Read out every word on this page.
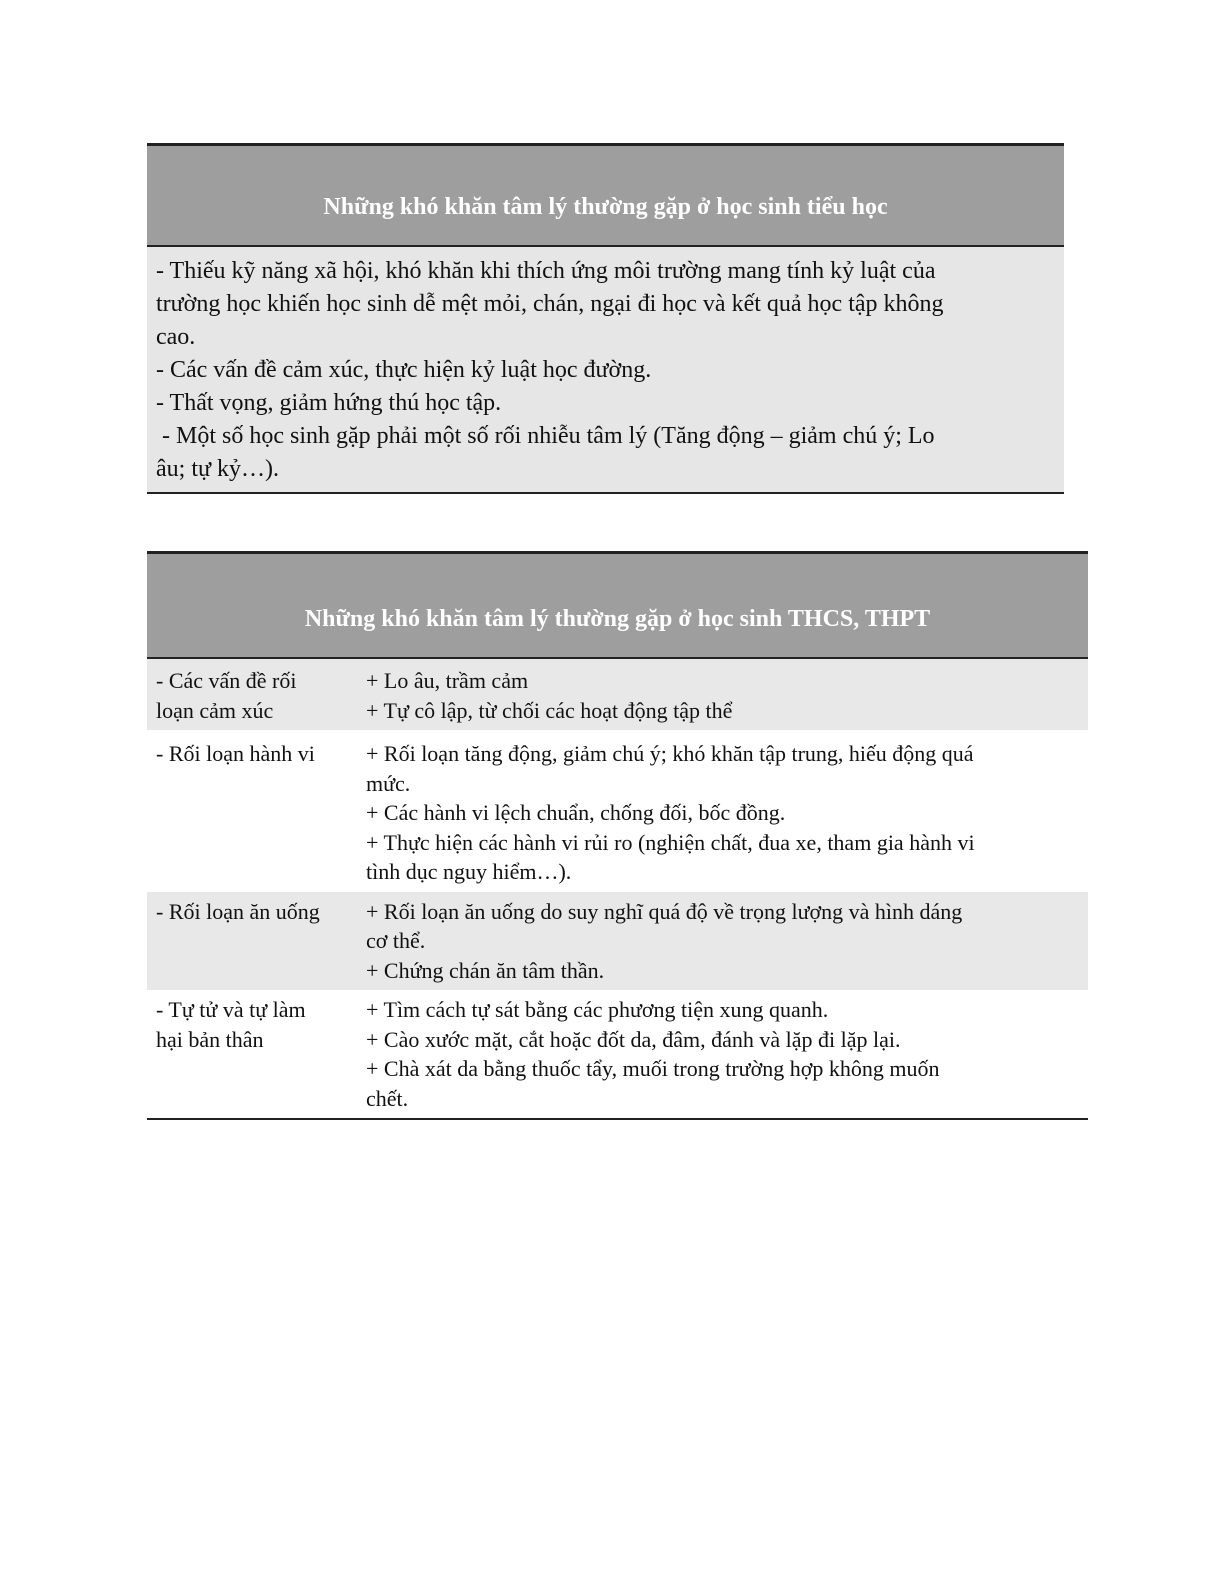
Những khó khăn tâm lý thường gặp ở học sinh tiểu học
- Thiếu kỹ năng xã hội, khó khăn khi thích ứng môi trường mang tính kỷ luật của
trường học khiến học sinh dễ mệt mỏi, chán, ngại đi học và kết quả học tập không
cao.
- Các vấn đề cảm xúc, thực hiện kỷ luật học đường.
- Thất vọng, giảm hứng thú học tập.
- Một số học sinh gặp phải một số rối nhiễu tâm lý (Tăng động – giảm chú ý; Lo
âu; tự kỷ…).
Những khó khăn tâm lý thường gặp ở học sinh THCS, THPT
- Các vấn đề rối
loạn cảm xúc
+ Lo âu, trầm cảm
+ Tự cô lập, từ chối các hoạt động tập thể
- Rối loạn hành vi	+ Rối loạn tăng động, giảm chú ý; khó khăn tập trung, hiếu động quá
mức.
+ Các hành vi lệch chuẩn, chống đối, bốc đồng.
+ Thực hiện các hành vi rủi ro (nghiện chất, đua xe, tham gia hành vi
tình dục nguy hiểm…).
- Rối loạn ăn uống	+ Rối loạn ăn uống do suy nghĩ quá độ về trọng lượng và hình dáng
cơ thể.
+ Chứng chán ăn tâm thần.
- Tự tử và tự làm
hại bản thân
+ Tìm cách tự sát bằng các phương tiện xung quanh.
+ Cào xước mặt, cắt hoặc đốt da, đâm, đánh và lặp đi lặp lại.
+ Chà xát da bằng thuốc tẩy, muối trong trường hợp không muốn
chết.
